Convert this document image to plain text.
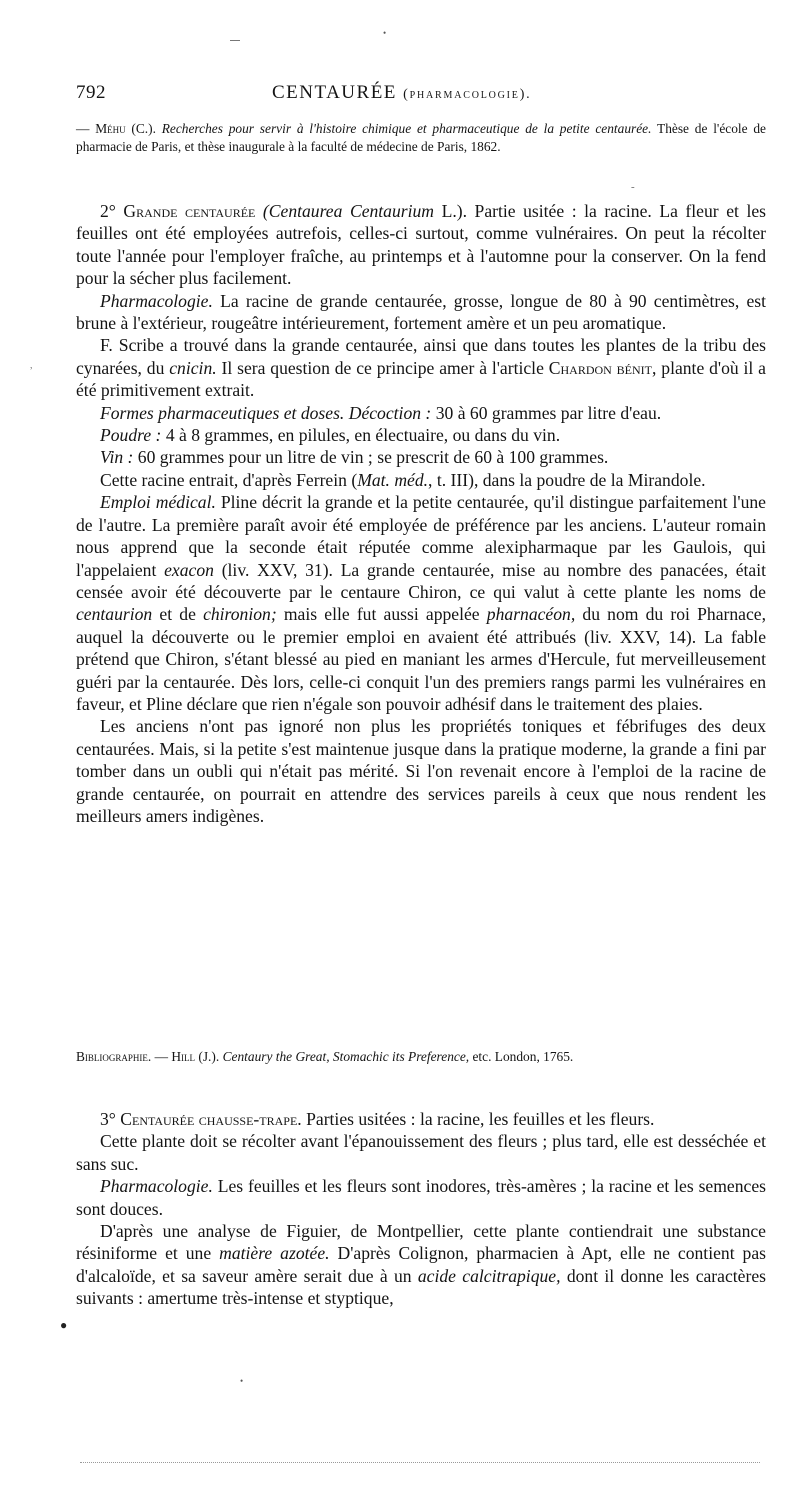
•
792	CENTAURÉE (pharmacologie).

— Méhu (C.). Recherches pour servir à l'histoire chimique et pharmaceutique de la petite centaurée. Thèse de l'école de pharmacie de Paris, et thèse inaugurale à la faculté de médecine de Paris, 1862.

-

2° Grande centaurée (Centaurea Centaurium L.). Partie usitée : la racine. La fleur et les feuilles ont été employées autrefois, celles-ci surtout, comme vulnéraires. On peut la récolter toute l'année pour l'employer fraîche, au printemps et à l'automne pour la conserver. On la fend pour la sécher plus facilement.

Pharmacologie. La racine de grande centaurée, grosse, longue de 80 à 90 centimètres, est brune à l'extérieur, rougeâtre intérieurement, fortement amère et un peu aromatique.

F. Scribe a trouvé dans la grande centaurée, ainsi que dans toutes les plantes de la tribu des cynarées, du cnicin. Il sera question de ce principe amer à l'article Chardon bénit, plante d'où il a été primitivement extrait.

Formes pharmaceutiques et doses. Décoction : 30 à 60 grammes par litre d'eau.

Poudre : 4 à 8 grammes, en pilules, en électuaire, ou dans du vin.

Vin : 60 grammes pour un litre de vin ; se prescrit de 60 à 100 grammes.

Cette racine entrait, d'après Ferrein (Mat. méd., t. III), dans la poudre de la Mirandole.

Emploi médical. Pline décrit la grande et la petite centaurée, qu'il distingue parfaitement l'une de l'autre. La première paraît avoir été employée de préférence par les anciens. L'auteur romain nous apprend que la seconde était réputée comme alexipharmaque par les Gaulois, qui l'appelaient exacon (liv. XXV, 31). La grande centaurée, mise au nombre des panacées, était censée avoir été découverte par le centaure Chiron, ce qui valut à cette plante les noms de centaurion et de chironion; mais elle fut aussi appelée pharnacéon, du nom du roi Pharnace, auquel la découverte ou le premier emploi en avaient été attribués (liv. XXV, 14). La fable prétend que Chiron, s'étant blessé au pied en maniant les armes d'Hercule, fut merveilleusement guéri par la centaurée. Dès lors, celle-ci conquit l'un des premiers rangs parmi les vulnéraires en faveur, et Pline déclare que rien n'égale son pouvoir adhésif dans le traitement des plaies.

Les anciens n'ont pas ignoré non plus les propriétés toniques et fébrifuges des deux centaurées. Mais, si la petite s'est maintenue jusque dans la pratique moderne, la grande a fini par tomber dans un oubli qui n'était pas mérité. Si l'on revenait encore à l'emploi de la racine de grande centaurée, on pourrait en attendre des services pareils à ceux que nous rendent les meilleurs amers indigènes.

Bibliographie. — Hill (J.). Centaury the Great, Stomachic its Preference, etc. London, 1765.

3° Centaurée chausse-trape. Parties usitées : la racine, les feuilles et les fleurs.

Cette plante doit se récolter avant l'épanouissement des fleurs ; plus tard, elle est desséchée et sans suc.

Pharmacologie. Les feuilles et les fleurs sont inodores, très-amères ; la racine et les semences sont douces.

D'après une analyse de Figuier, de Montpellier, cette plante contiendrait une substance résiniforme et une matière azotée. D'après Colignon, pharmacien à Apt, elle ne contient pas d'alcaloïde, et sa saveur amère serait due à un acide calcitrapique, dont il donne les caractères suivants : amertume très-intense et styptique,

,
●
•
